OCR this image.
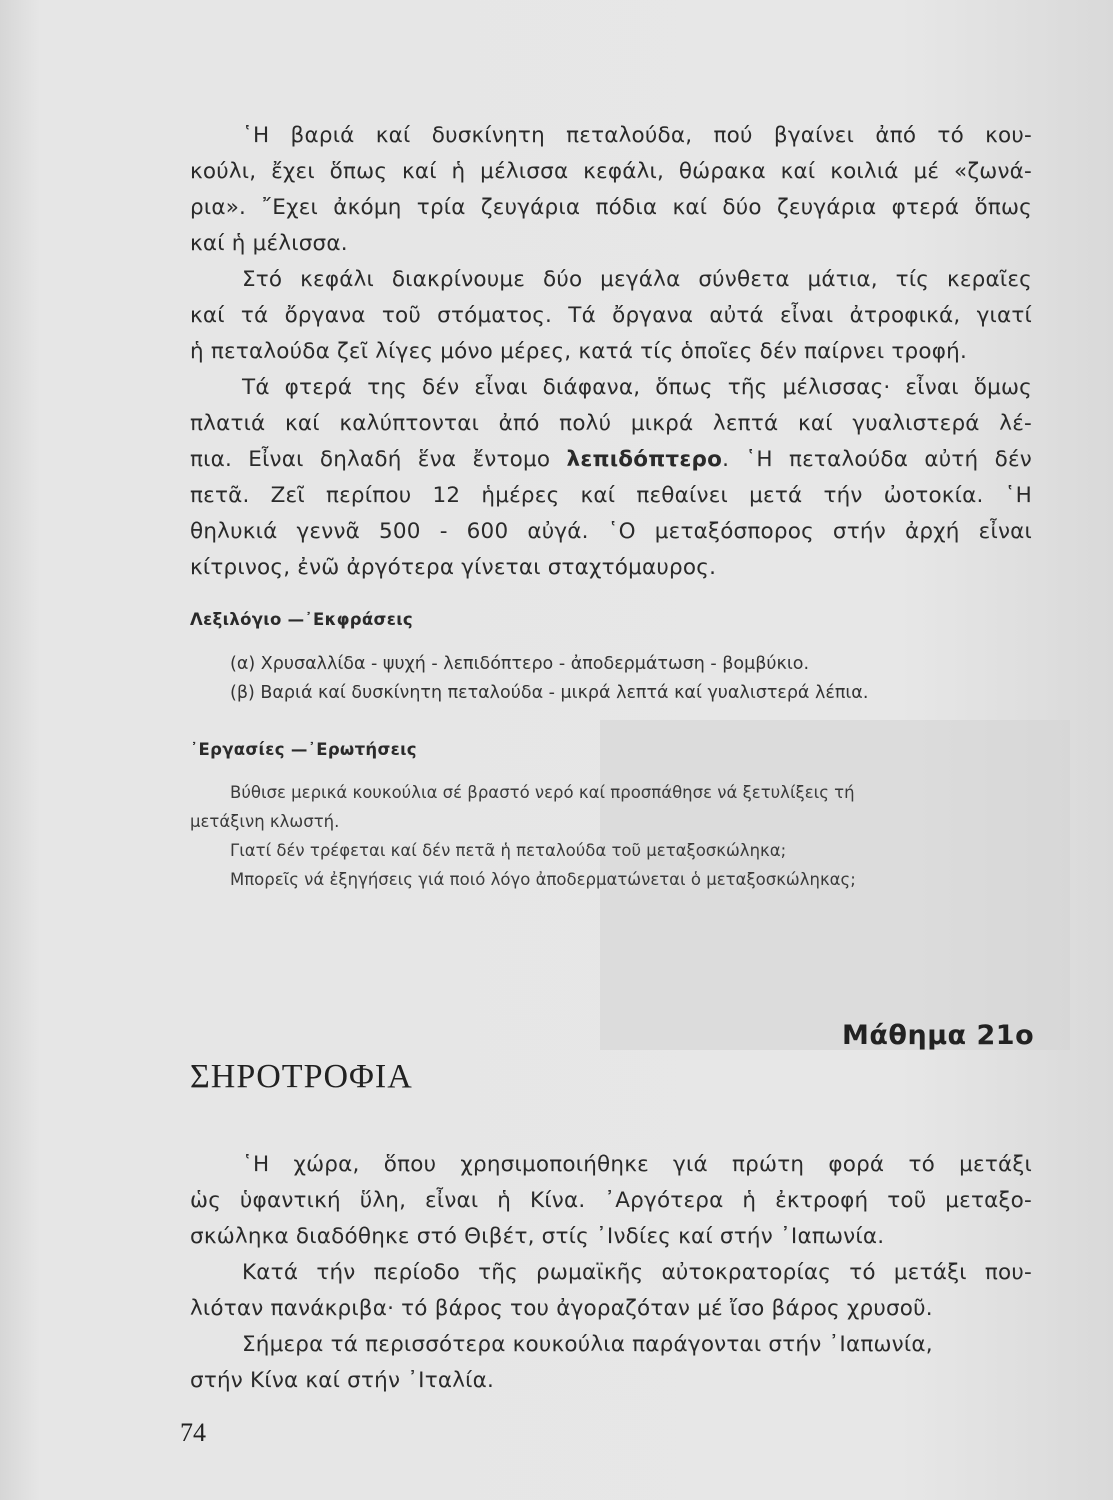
῾Η βαριά καί δυσκίνητη πεταλούδα, πού βγαίνει ἀπό τό κου-
κούλι, ἔχει ὅπως καί ἡ μέλισσα κεφάλι, θώρακα καί κοιλιά μέ «ζωνά-
ρια». ῎Εχει ἀκόμη τρία ζευγάρια πόδια καί δύο ζευγάρια φτερά ὅπως
καί ἡ μέλισσα.

Στό κεφάλι διακρίνουμε δύο μεγάλα σύνθετα μάτια, τίς κεραῖες
καί τά ὄργανα τοῦ στόματος. Τά ὄργανα αὐτά εἶναι ἀτροφικά, γιατί
ἡ πεταλούδα ζεῖ λίγες μόνο μέρες, κατά τίς ὁποῖες δέν παίρνει τροφή.

Τά φτερά της δέν εἶναι διάφανα, ὅπως τῆς μέλισσας· εἶναι ὅμως
πλατιά καί καλύπτονται ἀπό πολύ μικρά λεπτά καί γυαλιστερά λέ-
πια. Εἶναι δηλαδή ἕνα ἔντομο λεπιδόπτερο. ῾Η πεταλούδα αὐτή δέν
πετᾶ. Ζεῖ περίπου 12 ἡμέρες καί πεθαίνει μετά τήν ὠοτοκία. ῾Η
θηλυκιά γεννᾶ 500 - 600 αὐγά. ῾Ο μεταξόσπορος στήν ἀρχή εἶναι
κίτρινος, ἐνῶ ἀργότερα γίνεται σταχτόμαυρος.

Λεξιλόγιο —᾿Εκφράσεις
(α) Χρυσαλλίδα - ψυχή - λεπιδόπτερο - ἀποδερμάτωση - βομβύκιο.
(β) Βαριά καί δυσκίνητη πεταλούδα - μικρά λεπτά καί γυαλιστερά λέπια.
᾿Εργασίες —᾿Ερωτήσεις
Βύθισε μερικά κουκούλια σέ βραστό νερό καί προσπάθησε νά ξετυλίξεις τή
μετάξινη κλωστή.
Γιατί δέν τρέφεται καί δέν πετᾶ ἡ πεταλούδα τοῦ μεταξοσκώληκα;
Μπορεῖς νά ἐξηγήσεις γιά ποιό λόγο ἀποδερματώνεται ὁ μεταξοσκώληκας;
Μάθημα 21ο
ΣΗΡΟΤΡΟΦΙΑ

῾Η χώρα, ὅπου χρησιμοποιήθηκε γιά πρώτη φορά τό μετάξι
ὡς ὑφαντική ὕλη, εἶναι ἡ Κίνα. ᾿Αργότερα ἡ ἐκτροφή τοῦ μεταξο-
σκώληκα διαδόθηκε στό Θιβέτ, στίς ᾿Ινδίες καί στήν ᾿Ιαπωνία.

Κατά τήν περίοδο τῆς ρωμαϊκῆς αὐτοκρατορίας τό μετάξι που-
λιόταν πανάκριβα· τό βάρος του ἀγοραζόταν μέ ἴσο βάρος χρυσοῦ.

Σήμερα τά περισσότερα κουκούλια παράγονται στήν ᾿Ιαπωνία,
στήν Κίνα καί στήν ᾿Ιταλία.

74
